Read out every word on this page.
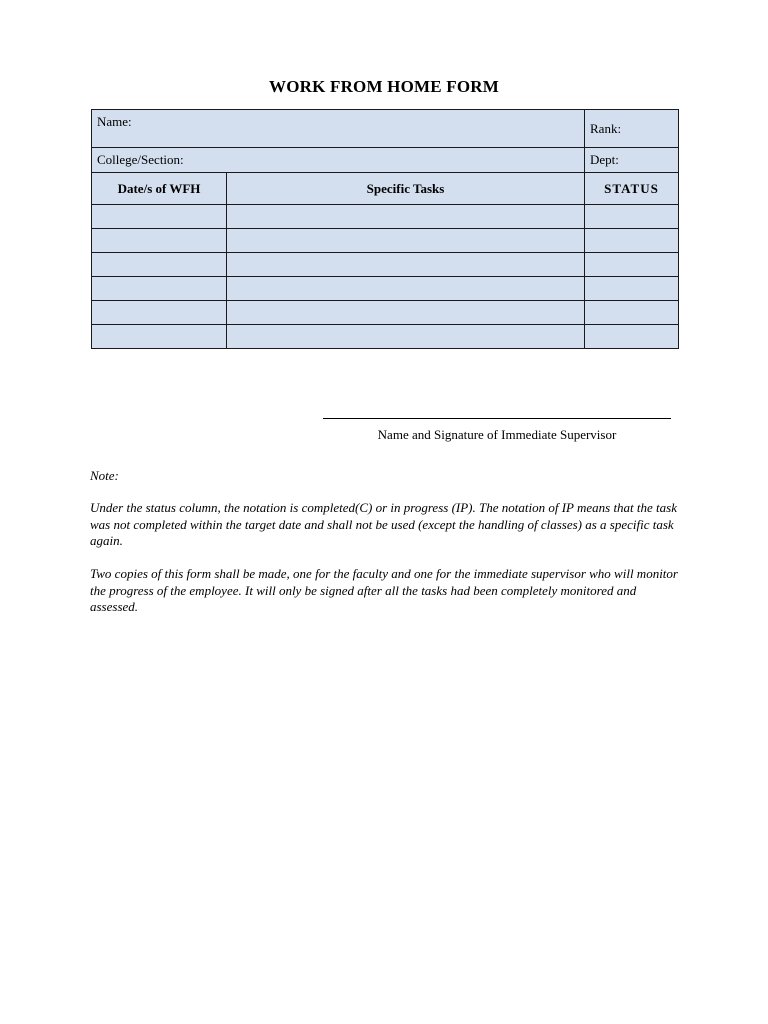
WORK FROM HOME FORM
Name:		Rank:
College/Section:		Dept:
Date/s of WFH	Specific Tasks	STATUS

Name and Signature of Immediate Supervisor

Note:

Under the status column, the notation is completed(C) or in progress (IP). The notation of IP means that the task was not completed within the target date and shall not be used (except the handling of classes) as a specific task again.

Two copies of this form shall be made, one for the faculty and one for the immediate supervisor who will monitor the progress of the employee. It will only be signed after all the tasks had been completely monitored and assessed.
